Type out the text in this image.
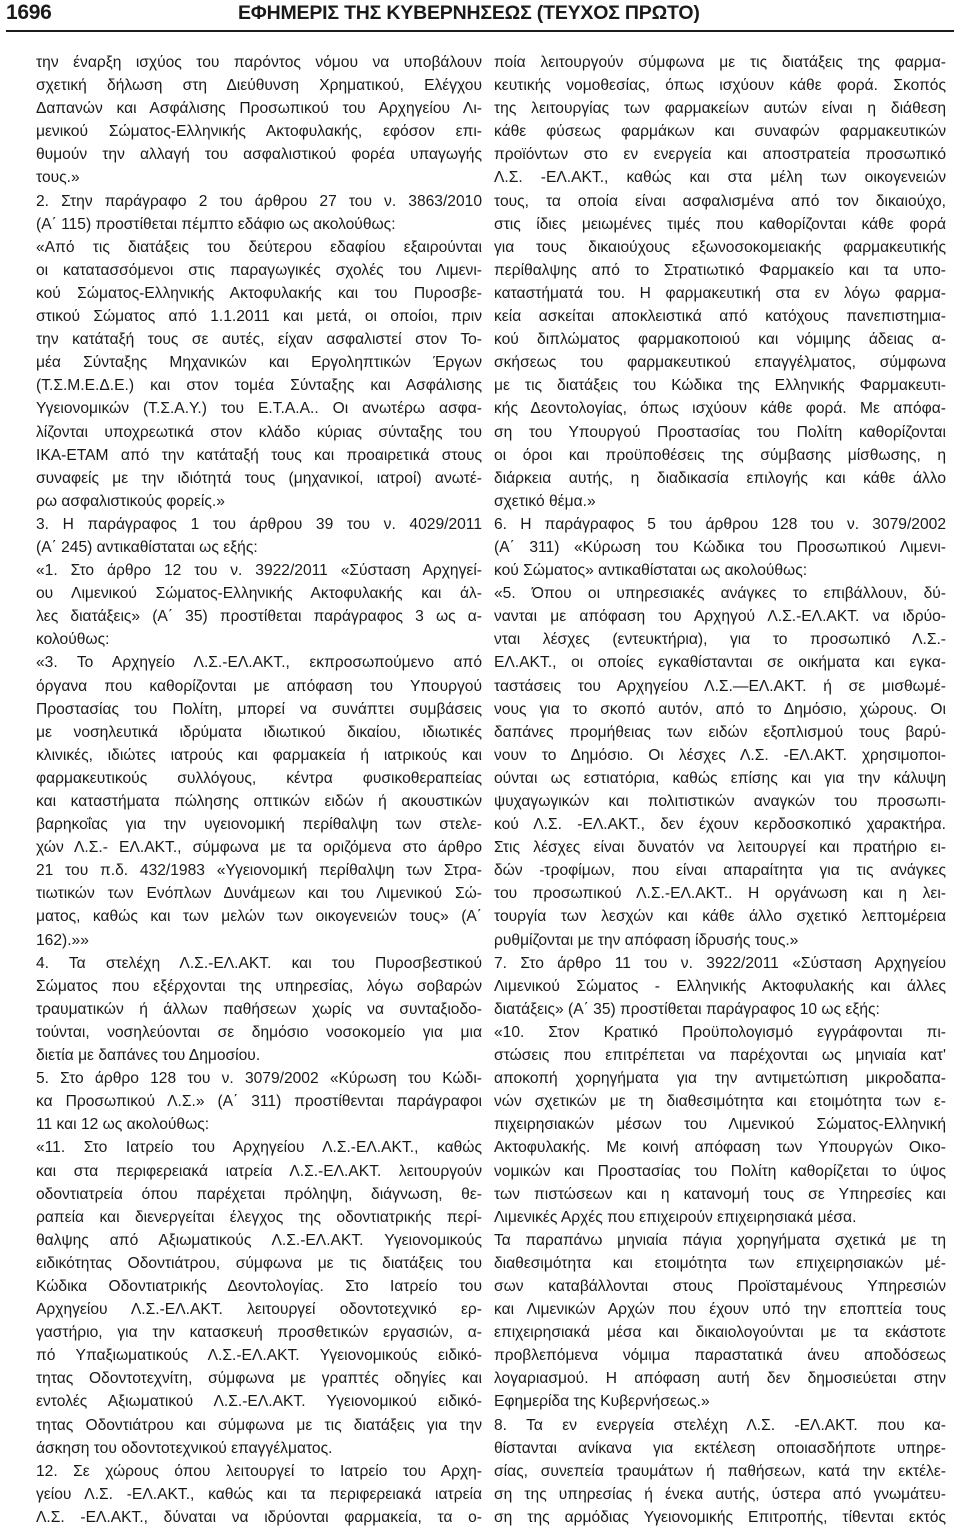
1696	ΕΦΗΜΕΡΙΣ ΤΗΣ ΚΥΒΕΡΝΗΣΕΩΣ (ΤΕΥΧΟΣ ΠΡΩΤΟ)
την έναρξη ισχύος του παρόντος νόμου να υποβάλουν
σχετική δήλωση στη Διεύθυνση Χρηματικού, Ελέγχου
Δαπανών και Ασφάλισης Προσωπικού του Αρχηγείου Λι-
μενικού Σώματος-Ελληνικής Ακτοφυλακής, εφόσον επι-
θυμούν την αλλαγή του ασφαλιστικού φορέα υπαγωγής
τους.»
2. Στην παράγραφο 2 του άρθρου 27 του ν. 3863/2010
(Α΄ 115) προστίθεται πέμπτο εδάφιο ως ακολούθως:
«Από τις διατάξεις του δεύτερου εδαφίου εξαιρούνται
οι κατατασσόμενοι στις παραγωγικές σχολές του Λιμενι-
κού Σώματος-Ελληνικής Ακτοφυλακής και του Πυροσβε-
στικού Σώματος από 1.1.2011 και μετά, οι οποίοι, πριν
την κατάταξή τους σε αυτές, είχαν ασφαλιστεί στον Το-
μέα Σύνταξης Μηχανικών και Εργοληπτικών Έργων
(Τ.Σ.Μ.Ε.Δ.Ε.) και στον τομέα Σύνταξης και Ασφάλισης
Υγειονομικών (Τ.Σ.Α.Υ.) του Ε.Τ.Α.Α.. Οι ανωτέρω ασφα-
λίζονται υποχρεωτικά στον κλάδο κύριας σύνταξης του
ΙΚΑ-ΕΤΑΜ από την κατάταξή τους και προαιρετικά στους
συναφείς με την ιδιότητά τους (μηχανικοί, ιατροί) ανωτέ-
ρω ασφαλιστικούς φορείς.»
3. Η παράγραφος 1 του άρθρου 39 του ν. 4029/2011
(Α΄ 245) αντικαθίσταται ως εξής:
«1. Στο άρθρο 12 του ν. 3922/2011 «Σύσταση Αρχηγεί-
ου Λιμενικού Σώματος-Ελληνικής Ακτοφυλακής και άλ-
λες διατάξεις» (Α΄ 35) προστίθεται παράγραφος 3 ως α-
κολούθως:
«3. Το Αρχηγείο Λ.Σ.-ΕΛ.ΑΚΤ., εκπροσωπούμενο από
όργανα που καθορίζονται με απόφαση του Υπουργού
Προστασίας του Πολίτη, μπορεί να συνάπτει συμβάσεις
με νοσηλευτικά ιδρύματα ιδιωτικού δικαίου, ιδιωτικές
κλινικές, ιδιώτες ιατρούς και φαρμακεία ή ιατρικούς και
φαρμακευτικούς συλλόγους, κέντρα φυσικοθεραπείας
και καταστήματα πώλησης οπτικών ειδών ή ακουστικών
βαρηκοΐας για την υγειονομική περίθαλψη των στελε-
χών Λ.Σ.- ΕΛ.ΑΚΤ., σύμφωνα με τα οριζόμενα στο άρθρο
21 του π.δ. 432/1983 «Υγειονομική περίθαλψη των Στρα-
τιωτικών των Ενόπλων Δυνάμεων και του Λιμενικού Σώ-
ματος, καθώς και των μελών των οικογενειών τους» (Α΄
162).»»
4. Τα στελέχη Λ.Σ.-ΕΛ.ΑΚΤ. και του Πυροσβεστικού
Σώματος που εξέρχονται της υπηρεσίας, λόγω σοβαρών
τραυματικών ή άλλων παθήσεων χωρίς να συνταξιοδο-
τούνται, νοσηλεύονται σε δημόσιο νοσοκομείο για μια
διετία με δαπάνες του Δημοσίου.
5. Στο άρθρο 128 του ν. 3079/2002 «Κύρωση του Κώδι-
κα Προσωπικού Λ.Σ.» (Α΄ 311) προστίθενται παράγραφοι
11 και 12 ως ακολούθως:
«11. Στο Ιατρείο του Αρχηγείου Λ.Σ.-ΕΛ.ΑΚΤ., καθώς
και στα περιφερειακά ιατρεία Λ.Σ.-ΕΛ.ΑΚΤ. λειτουργούν
οδοντιατρεία όπου παρέχεται πρόληψη, διάγνωση, θε-
ραπεία και διενεργείται έλεγχος της οδοντιατρικής περί-
θαλψης από Αξιωματικούς Λ.Σ.-ΕΛ.ΑΚΤ. Υγειονομικούς
ειδικότητας Οδοντιάτρου, σύμφωνα με τις διατάξεις του
Κώδικα Οδοντιατρικής Δεοντολογίας. Στο Ιατρείο του
Αρχηγείου Λ.Σ.-ΕΛ.ΑΚΤ. λειτουργεί οδοντοτεχνικό ερ-
γαστήριο, για την κατασκευή προσθετικών εργασιών, α-
πό Υπαξιωματικούς Λ.Σ.-ΕΛ.ΑΚΤ. Υγειονομικούς ειδικό-
τητας Οδοντοτεχνίτη, σύμφωνα με γραπτές οδηγίες και
εντολές Αξιωματικού Λ.Σ.-ΕΛ.ΑΚΤ. Υγειονομικού ειδικό-
τητας Οδοντιάτρου και σύμφωνα με τις διατάξεις για την
άσκηση του οδοντοτεχνικού επαγγέλματος.
12. Σε χώρους όπου λειτουργεί το Ιατρείο του Αρχη-
γείου Λ.Σ. -ΕΛ.ΑΚΤ., καθώς και τα περιφερειακά ιατρεία
Λ.Σ. -ΕΛ.ΑΚΤ., δύναται να ιδρύονται φαρμακεία, τα ο-
ποία λειτουργούν σύμφωνα με τις διατάξεις της φαρμα-
κευτικής νομοθεσίας, όπως ισχύουν κάθε φορά. Σκοπός
της λειτουργίας των φαρμακείων αυτών είναι η διάθεση
κάθε φύσεως φαρμάκων και συναφών φαρμακευτικών
προϊόντων στο εν ενεργεία και αποστρατεία προσωπικό
Λ.Σ. -ΕΛ.ΑΚΤ., καθώς και στα μέλη των οικογενειών
τους, τα οποία είναι ασφαλισμένα από τον δικαιούχο,
στις ίδιες μειωμένες τιμές που καθορίζονται κάθε φορά
για τους δικαιούχους εξωνοσοκομειακής φαρμακευτικής
περίθαλψης από το Στρατιωτικό Φαρμακείο και τα υπο-
καταστήματά του. Η φαρμακευτική στα εν λόγω φαρμα-
κεία ασκείται αποκλειστικά από κατόχους πανεπιστημια-
κού διπλώματος φαρμακοποιού και νόμιμης άδειας α-
σκήσεως του φαρμακευτικού επαγγέλματος, σύμφωνα
με τις διατάξεις του Κώδικα της Ελληνικής Φαρμακευτι-
κής Δεοντολογίας, όπως ισχύουν κάθε φορά. Με απόφα-
ση του Υπουργού Προστασίας του Πολίτη καθορίζονται
οι όροι και προϋποθέσεις της σύμβασης μίσθωσης, η
διάρκεια αυτής, η διαδικασία επιλογής και κάθε άλλο
σχετικό θέμα.»
6. Η παράγραφος 5 του άρθρου 128 του ν. 3079/2002
(Α΄ 311) «Κύρωση του Κώδικα του Προσωπικού Λιμενι-
κού Σώματος» αντικαθίσταται ως ακολούθως:
«5. Όπου οι υπηρεσιακές ανάγκες το επιβάλλουν, δύ-
νανται με απόφαση του Αρχηγού Λ.Σ.-ΕΛ.ΑΚΤ. να ιδρύο-
νται λέσχες (εντευκτήρια), για το προσωπικό Λ.Σ.-
ΕΛ.ΑΚΤ., οι οποίες εγκαθίστανται σε οικήματα και εγκα-
ταστάσεις του Αρχηγείου Λ.Σ.—ΕΛ.ΑΚΤ. ή σε μισθωμέ-
νους για το σκοπό αυτόν, από το Δημόσιο, χώρους. Οι
δαπάνες προμήθειας των ειδών εξοπλισμού τους βαρύ-
νουν το Δημόσιο. Οι λέσχες Λ.Σ. -ΕΛ.ΑΚΤ. χρησιμοποι-
ούνται ως εστιατόρια, καθώς επίσης και για την κάλυψη
ψυχαγωγικών και πολιτιστικών αναγκών του προσωπι-
κού Λ.Σ. -ΕΛ.ΑΚΤ., δεν έχουν κερδοσκοπικό χαρακτήρα.
Στις λέσχες είναι δυνατόν να λειτουργεί και πρατήριο ει-
δών -τροφίμων, που είναι απαραίτητα για τις ανάγκες
του προσωπικού Λ.Σ.-ΕΛ.ΑΚΤ.. Η οργάνωση και η λει-
τουργία των λεσχών και κάθε άλλο σχετικό λεπτομέρεια
ρυθμίζονται με την απόφαση ίδρυσής τους.»
7. Στο άρθρο 11 του ν. 3922/2011 «Σύσταση Αρχηγείου
Λιμενικού Σώματος - Ελληνικής Ακτοφυλακής και άλλες
διατάξεις» (Α΄ 35) προστίθεται παράγραφος 10 ως εξής:
«10. Στον Κρατικό Προϋπολογισμό εγγράφονται πι-
στώσεις που επιτρέπεται να παρέχονται ως μηνιαία κατ'
αποκοπή χορηγήματα για την αντιμετώπιση μικροδαπα-
νών σχετικών με τη διαθεσιμότητα και ετοιμότητα των ε-
πιχειρησιακών μέσων του Λιμενικού Σώματος-Ελληνική
Ακτοφυλακής. Με κοινή απόφαση των Υπουργών Οικο-
νομικών και Προστασίας του Πολίτη καθορίζεται το ύψος
των πιστώσεων και η κατανομή τους σε Υπηρεσίες και
Λιμενικές Αρχές που επιχειρούν επιχειρησιακά μέσα.
Τα παραπάνω μηνιαία πάγια χορηγήματα σχετικά με τη
διαθεσιμότητα και ετοιμότητα των επιχειρησιακών μέ-
σων καταβάλλονται στους Προϊσταμένους Υπηρεσιών
και Λιμενικών Αρχών που έχουν υπό την εποπτεία τους
επιχειρησιακά μέσα και δικαιολογούνται με τα εκάστοτε
προβλεπόμενα νόμιμα παραστατικά άνευ αποδόσεως
λογαριασμού. Η απόφαση αυτή δεν δημοσιεύεται στην
Εφημερίδα της Κυβερνήσεως.»
8. Τα εν ενεργεία στελέχη Λ.Σ. -ΕΛ.ΑΚΤ. που κα-
θίστανται ανίκανα για εκτέλεση οποιασδήποτε υπηρε-
σίας, συνεπεία τραυμάτων ή παθήσεων, κατά την εκτέλε-
ση της υπηρεσίας ή ένεκα αυτής, ύστερα από γνωμάτευ-
ση της αρμόδιας Υγειονομικής Επιτροπής, τίθενται εκτός
